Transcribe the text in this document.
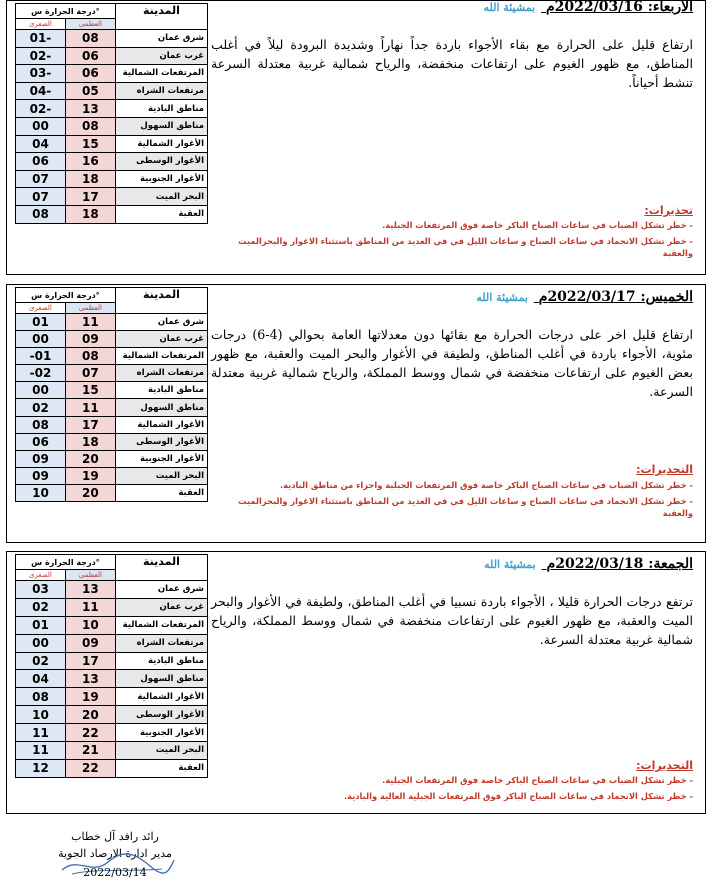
درجة الحرارة س°		المدينة
الصغرى	العظمى	
01-	08	شرق عمان
02-	06	غرب عمان
03-	06	المرتفعات الشمالية
04-	05	مرتفعات الشراه
02-	13	مناطق البادية
00	08	مناطق السهول
04	15	الأغوار الشمالية
06	16	الأغوار الوسطى
07	18	الأغوار الجنوبية
07	17	البحر الميت
08	18	العقبة
الأربعاء: 2022/03/16م بمشيئة الله
ارتفاع قليل على الحرارة مع بقاء الأجواء باردة جداً نهاراً وشديدة البرودة ليلاً في أغلب المناطق، مع ظهور الغيوم على ارتفاعات منخفضة، والرياح شمالية غربية معتدلة السرعة تنشط أحياناً.
تحذيرات:
- خطر تشكل الضباب في ساعات الصباح الباكر خاصة فوق المرتفعات الجبلية.
- خطر تشكل الانجماد في ساعات الصباح و ساعات الليل في في العديد من المناطق باستثناء الاغوار والبحرالميت والعقبة
درجة الحرارة س°		المدينة
الصغرى	العظمى	
01	11	شرق عمان
00	09	غرب عمان
-01	08	المرتفعات الشمالية
-02	07	مرتفعات الشراه
00	15	مناطق البادية
02	11	مناطق السهول
08	17	الأغوار الشمالية
06	18	الأغوار الوسطى
09	20	الأغوار الجنوبية
09	19	البحر الميت
10	20	العقبة
الخميس: 2022/03/17م بمشيئة الله
ارتفاع قليل اخر على درجات الحرارة مع بقائها دون معدلاتها العامة بحوالي (4-6) درجات مئوية، الأجواء باردة في أغلب المناطق، ولطيفة في الأغوار والبحر الميت والعقبة، مع ظهور بعض الغيوم على ارتفاعات منخفضة في شمال ووسط المملكة، والرياح شمالية غربية معتدلة السرعة.
التحذيرات:
- خطر تشكل الضباب في ساعات الصباح الباكر خاصة فوق المرتفعات الجبلية واجزاء من مناطق البادية.
- خطر تشكل الانجماد في ساعات الصباح و ساعات الليل في في العديد من المناطق باستثناء الاغوار والبحرالميت والعقبة
درجة الحرارة س°		المدينة
الصغرى	العظمى	
03	13	شرق عمان
02	11	غرب عمان
01	10	المرتفعات الشمالية
00	09	مرتفعات الشراه
02	17	مناطق البادية
04	13	مناطق السهول
08	19	الأغوار الشمالية
10	20	الأغوار الوسطى
11	22	الأغوار الجنوبية
11	21	البحر الميت
12	22	العقبة
الجمعة: 2022/03/18م بمشيئة الله
ترتفع درجات الحرارة قليلا ، الأجواء باردة نسبيا في أغلب المناطق، ولطيفة في الأغوار والبحر الميت والعقبة، مع ظهور الغيوم على ارتفاعات منخفضة في شمال ووسط المملكة، والرياح شمالية غربية معتدلة السرعة.
التحذيرات:
- خطر تشكل الضباب في ساعات الصباح الباكر خاصة فوق المرتفعات الجبلية.
- خطر تشكل الانجماد في ساعات الصباح الباكر فوق المرتفعات الجبلية العالية والبادية.
رائد رافد آل خطاب
مدير ادارة الارصاد الجوية
2022/03/14
